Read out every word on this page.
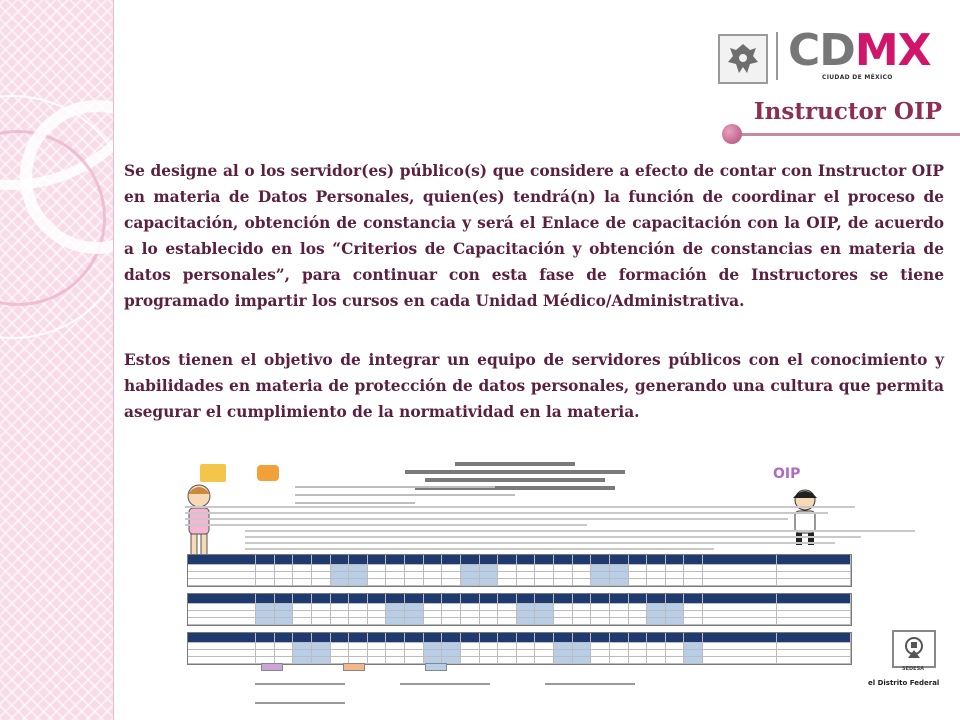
CDMX
CIUDAD DE MÉXICO
Instructor OIP

Se designe al o los servidor(es) público(s) que considere a efecto de contar con Instructor OIP en materia de Datos Personales, quien(es) tendrá(n) la función de coordinar el proceso de capacitación, obtención de constancia y será el Enlace de capacitación con la OIP, de acuerdo a lo establecido en los “Criterios de Capacitación y obtención de constancias en materia de datos personales”, para continuar con esta fase de formación de Instructores se tiene programado impartir los cursos en cada Unidad Médico/Administrativa.

Estos tienen el objetivo de integrar un equipo de servidores públicos con el conocimiento y habilidades en materia de protección de datos personales, generando una cultura que permita asegurar el cumplimiento de la normatividad en la materia.

OIP
SEDESA
el Distrito Federal
